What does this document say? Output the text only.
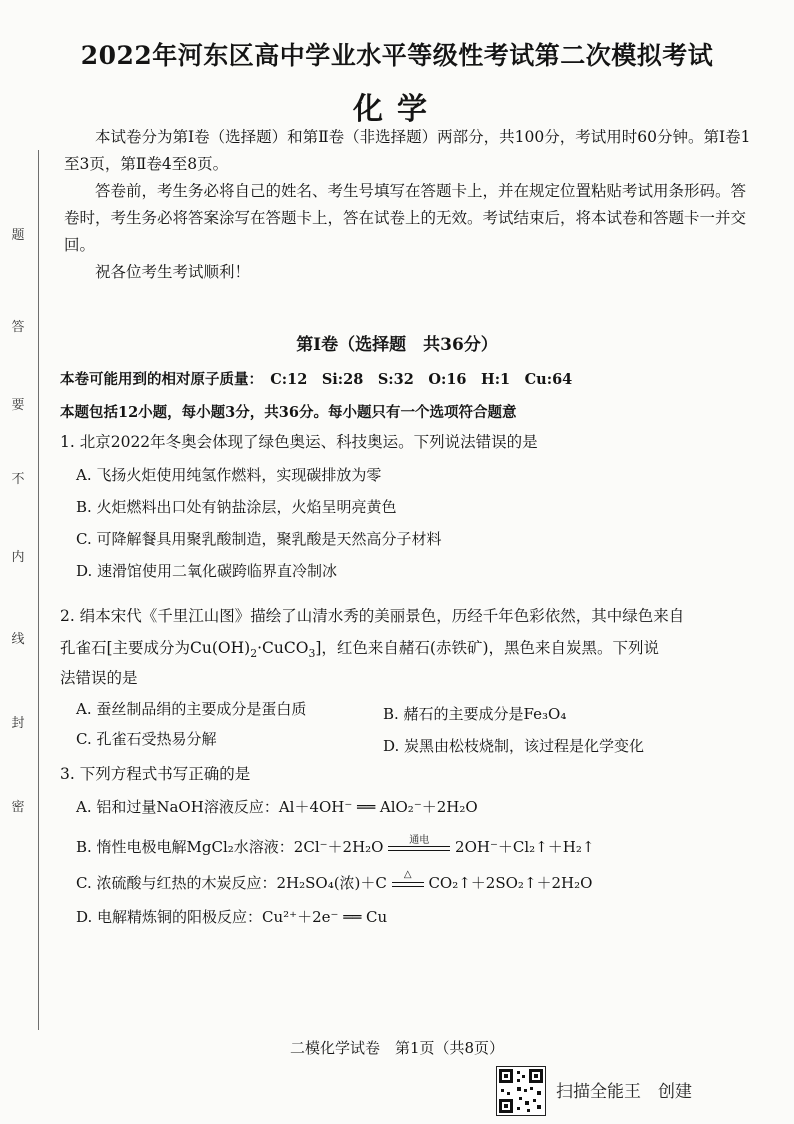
题
答
要
不
内
线
封
密
2022年河东区高中学业水平等级性考试第二次模拟考试
化学
本试卷分为第Ⅰ卷（选择题）和第Ⅱ卷（非选择题）两部分，共100分，考试用时60分钟。第Ⅰ卷1至3页，第Ⅱ卷4至8页。
答卷前，考生务必将自己的姓名、考生号填写在答题卡上，并在规定位置粘贴考试用条形码。答卷时，考生务必将答案涂写在答题卡上，答在试卷上的无效。考试结束后，将本试卷和答题卡一并交回。
祝各位考生考试顺利！
第Ⅰ卷（选择题　共36分）
本卷可能用到的相对原子质量：　C:12　Si:28　S:32　O:16　H:1　Cu:64
本题包括12小题，每小题3分，共36分。每小题只有一个选项符合题意
1. 北京2022年冬奥会体现了绿色奥运、科技奥运。下列说法错误的是
A. 飞扬火炬使用纯氢作燃料，实现碳排放为零
B. 火炬燃料出口处有钠盐涂层，火焰呈明亮黄色
C. 可降解餐具用聚乳酸制造，聚乳酸是天然高分子材料
D. 速滑馆使用二氧化碳跨临界直冷制冰
2. 绢本宋代《千里江山图》描绘了山清水秀的美丽景色，历经千年色彩依然，其中绿色来自
孔雀石[主要成分为$Cu(OH)_2\cdot CuCO_3$]，红色来自赭石(赤铁矿)，黑色来自炭黑。下列说
法错误的是
A. 蚕丝制品绢的主要成分是蛋白质	B. 赭石的主要成分是Fe₃O₄
C. 孔雀石受热易分解	D. 炭黑由松枝烧制，该过程是化学变化
3. 下列方程式书写正确的是
A. 铝和过量NaOH溶液反应：Al＋4OH⁻ ══ AlO₂⁻＋2H₂O
B. 惰性电极电解MgCl₂水溶液：2Cl⁻＋2H₂O	通电	2OH⁻＋Cl₂↑＋H₂↑
C. 浓硫酸与红热的木炭反应：2H₂SO₄(浓)＋C	△	CO₂↑＋2SO₂↑＋2H₂O
D. 电解精炼铜的阳极反应：Cu²⁺＋2e⁻ ══ Cu
二模化学试卷　第1页（共8页）
扫描全能王　创建
